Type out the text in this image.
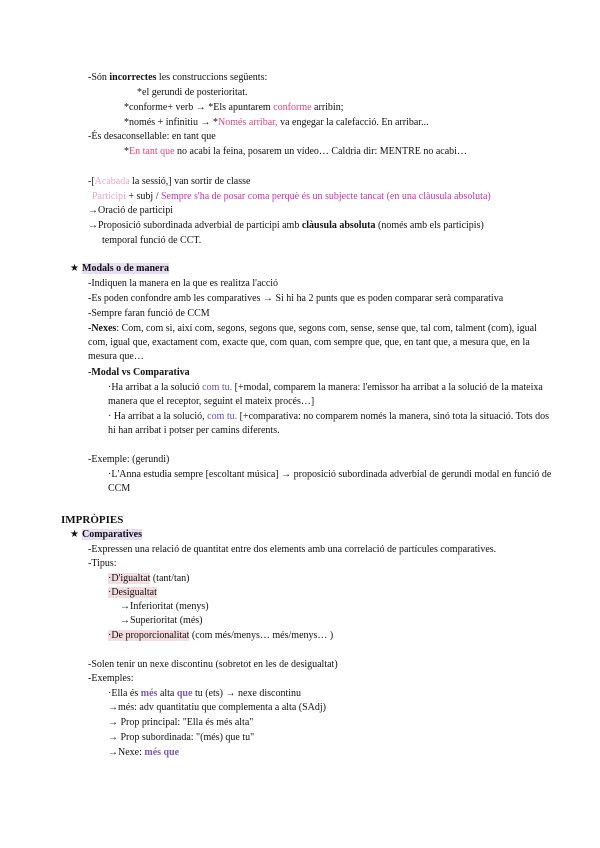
-Són incorrectes les construccions següents:
*el gerundi de posterioritat.
*conforme+ verb → *Els apuntarem conforme arribin;
*només + infinitiu → *Només arribar, va engegar la calefacció. En arribar...
-És desaconsellable: en tant que
*En tant que no acabi la feina, posarem un vídeo… Caldria dir: MENTRE no acabi…
-[Acabada la sessió,] van sortir de classe
Participi + subj / Sempre s'ha de posar coma perquè és un subjecte tancat (en una clàusula absoluta)
→Oració de participi
→Proposició subordinada adverbial de participi amb clàusula absoluta (només amb els participis)
temporal funció de CCT.
★ Modals o de manera
-Indiquen la manera en la que es realitza l'acció
-Es poden confondre amb les comparatives → Si hi ha 2 punts que es poden comparar serà comparativa
-Sempre faran funció de CCM
-Nexes: Com, com si, així com, segons, segons que, segons com, sense, sense que, tal com, talment (com), igual com, igual que, exactament com, exacte que, com quan, com sempre que, que, en tant que, a mesura que, en la mesura que…
-Modal vs Comparativa
·Ha arribat a la solució com tu. [+modal, comparem la manera: l'emissor ha arribat a la solució de la mateixa manera que el receptor, seguint el mateix procés…]
· Ha arribat a la solució, com tu. [+comparativa: no comparem només la manera, sinó tota la situació. Tots dos hi han arribat i potser per camins diferents.
-Exemple: (gerundi)
·L'Anna estudia sempre [escoltant música] → proposició subordinada adverbial de gerundi modal en funció de CCM
IMPRÒPIES
★ Comparatives
-Expressen una relació de quantitat entre dos elements amb una correlació de partícules comparatives.
-Tipus:
·D'igualtat (tant/tan)
·Desigualtat
→Inferioritat (menys)
→Superioritat (més)
·De proporcionalitat (com més/menys… més/menys… )
-Solen tenir un nexe discontinu (sobretot en les de desigualtat)
-Exemples:
·Ella és més alta que tu (ets) → nexe discontinu
→més: adv quantitatiu que complementa a alta (SAdj)
→ Prop principal: "Ella és més alta"
→ Prop subordinada: "(més) que tu"
→Nexe: més que
